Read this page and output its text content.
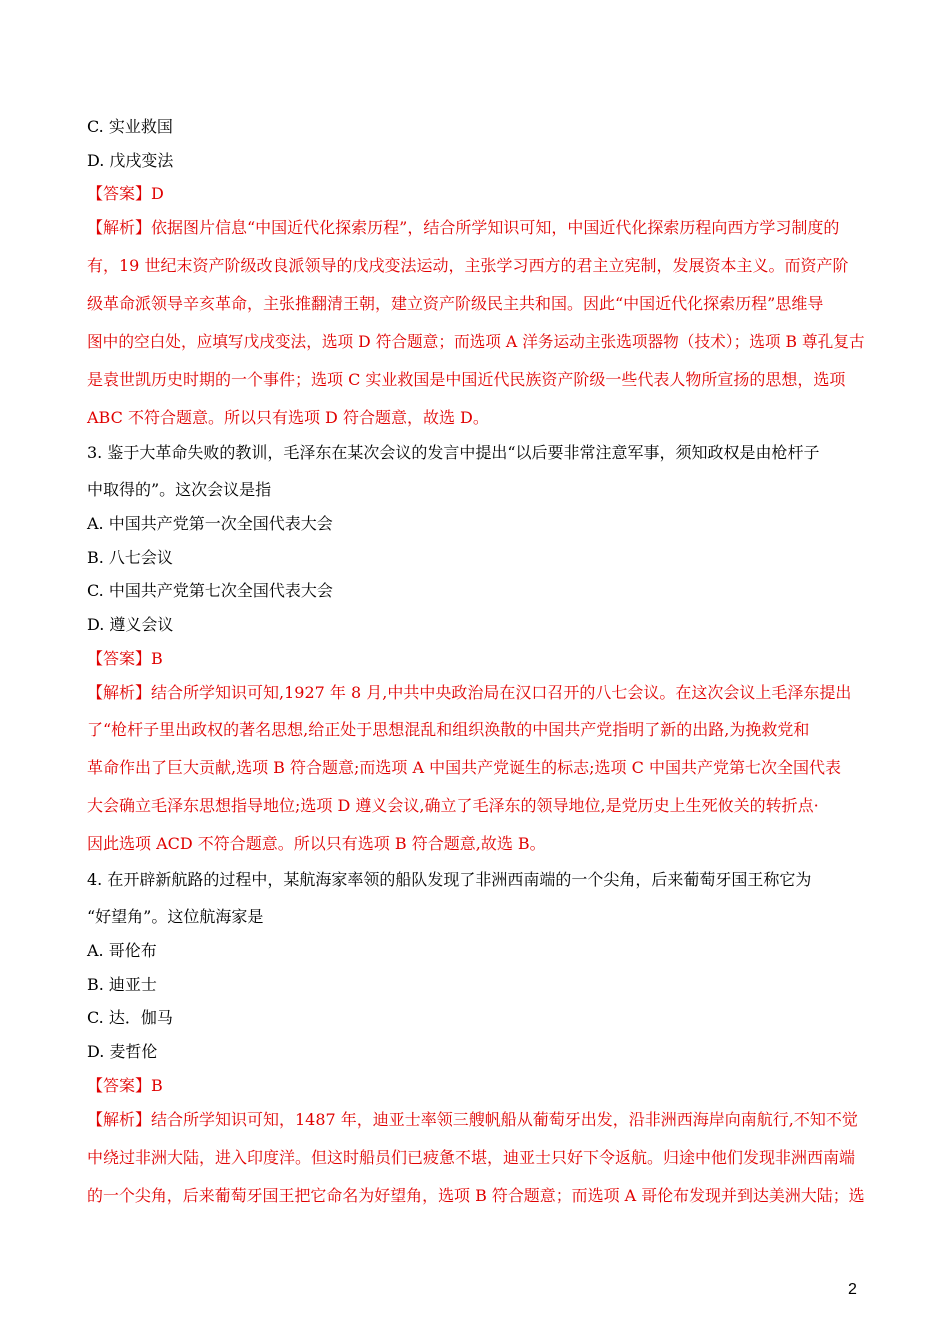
C. 实业救国
D. 戊戌变法
【答案】D
【解析】依据图片信息“中国近代化探索历程”，结合所学知识可知，中国近代化探索历程向西方学习制度的
有，19 世纪末资产阶级改良派领导的戊戌变法运动，主张学习西方的君主立宪制，发展资本主义。而资产阶
级革命派领导辛亥革命，主张推翻清王朝，建立资产阶级民主共和国。因此“中国近代化探索历程”思维导
图中的空白处，应填写戊戌变法，选项 D 符合题意；而选项 A 洋务运动主张选项器物（技术）；选项 B 尊孔复古
是袁世凯历史时期的一个事件；选项 C 实业救国是中国近代民族资产阶级一些代表人物所宣扬的思想，选项
ABC 不符合题意。所以只有选项 D 符合题意，故选 D。
3. 鉴于大革命失败的教训，毛泽东在某次会议的发言中提出“以后要非常注意军事，须知政权是由枪杆子
中取得的”。这次会议是指
A. 中国共产党第一次全国代表大会
B. 八七会议
C. 中国共产党第七次全国代表大会
D. 遵义会议
【答案】B
【解析】结合所学知识可知,1927 年 8 月,中共中央政治局在汉口召开的八七会议。在这次会议上毛泽东提出
了“枪杆子里出政权的著名思想,给正处于思想混乱和组织涣散的中国共产党指明了新的出路,为挽救党和
革命作出了巨大贡献,选项 B 符合题意;而选项 A 中国共产党诞生的标志;选项 C 中国共产党第七次全国代表
大会确立毛泽东思想指导地位;选项 D 遵义会议,确立了毛泽东的领导地位,是党历史上生死攸关的转折点·
因此选项 ACD 不符合题意。所以只有选项 B 符合题意,故选 B。
4. 在开辟新航路的过程中，某航海家率领的船队发现了非洲西南端的一个尖角，后来葡萄牙国王称它为
“好望角”。这位航海家是
A. 哥伦布
B. 迪亚士
C. 达．伽马
D. 麦哲伦
【答案】B
【解析】结合所学知识可知，1487 年，迪亚士率领三艘帆船从葡萄牙出发，沿非洲西海岸向南航行,不知不觉
中绕过非洲大陆，进入印度洋。但这时船员们已疲惫不堪，迪亚士只好下令返航。归途中他们发现非洲西南端
的一个尖角，后来葡萄牙国王把它命名为好望角，选项 B 符合题意；而选项 A 哥伦布发现并到达美洲大陆；选
2
